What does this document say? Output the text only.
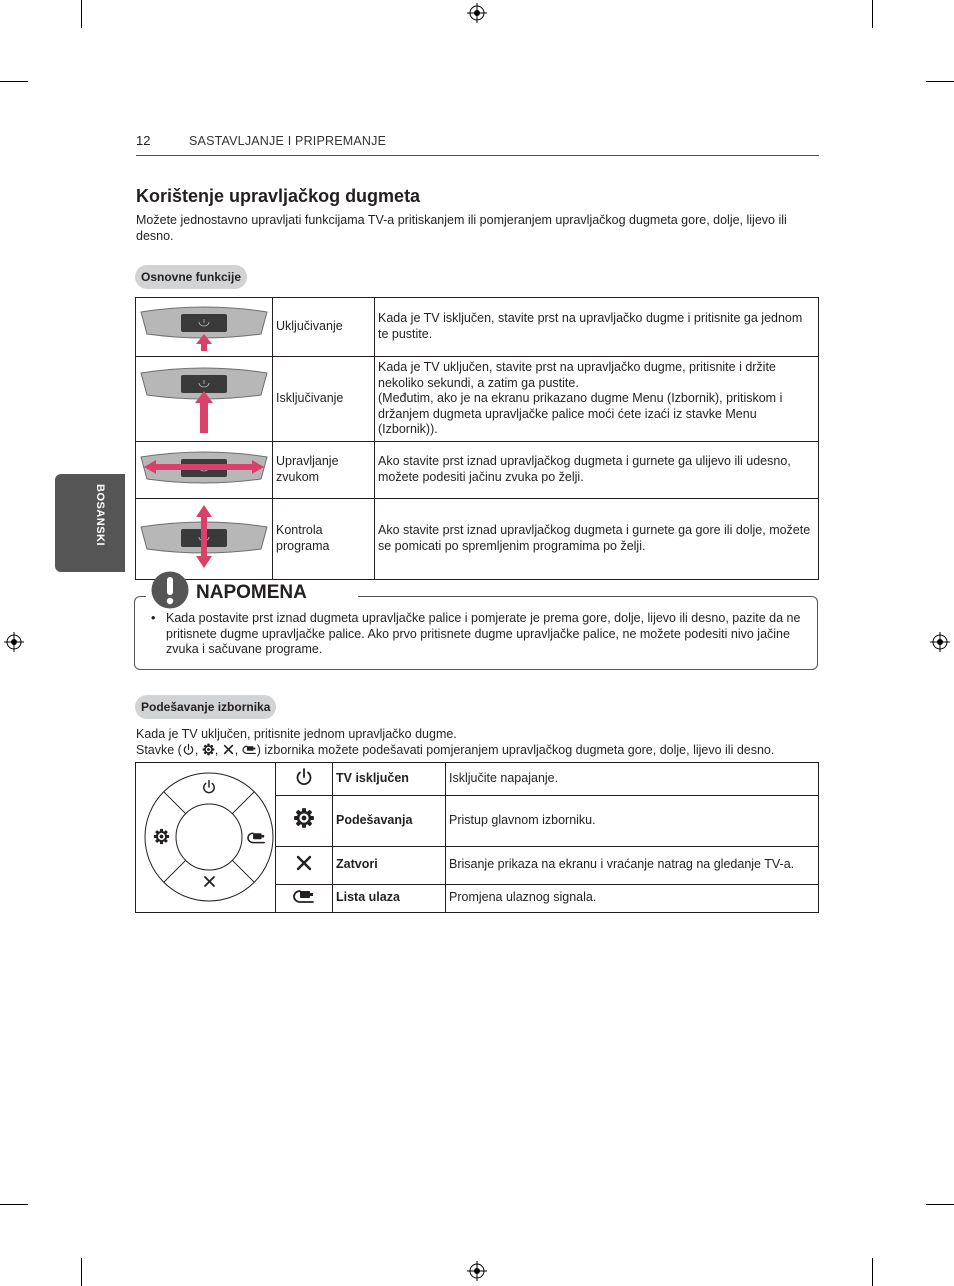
12	SASTAVLJANJE I PRIPREMANJE
BOSANSKI
Korištenje upravljačkog dugmeta
Možete jednostavno upravljati funkcijama TV-a pritiskanjem ili pomjeranjem upravljačkog dugmeta gore, dolje, lijevo ili desno.
Osnovne funkcije
	Uključivanje	Kada je TV isključen, stavite prst na upravljačko dugme i pritisnite ga jednom te pustite.
	Isključivanje	Kada je TV uključen, stavite prst na upravljačko dugme, pritisnite i držite nekoliko sekundi, a zatim ga pustite.
(Međutim, ako je na ekranu prikazano dugme Menu (Izbornik), pritiskom i držanjem dugmeta upravljačke palice moći ćete izaći iz stavke Menu (Izbornik)).
	Upravljanje zvukom	Ako stavite prst iznad upravljačkog dugmeta i gurnete ga ulijevo ili udesno, možete podesiti jačinu zvuka po želji.
	Kontrola programa	Ako stavite prst iznad upravljačkog dugmeta i gurnete ga gore ili dolje, možete se pomicati po spremljenim programima po želji.
NAPOMENA
• Kada postavite prst iznad dugmeta upravljačke palice i pomjerate je prema gore, dolje, lijevo ili desno, pazite da ne pritisnete dugme upravljačke palice. Ako prvo pritisnete dugme upravljačke palice, ne možete podesiti nivo jačine zvuka i sačuvane programe.
Podešavanje izbornika
Kada je TV uključen, pritisnite jednom upravljačko dugme.
Stavke ( , , , ) izbornika možete podešavati pomjeranjem upravljačkog dugmeta gore, dolje, lijevo ili desno.
		TV isključen	Isključite napajanje.
	Podešavanja	Pristup glavnom izborniku.
	Zatvori	Brisanje prikaza na ekranu i vraćanje natrag na gledanje TV-a.
	Lista ulaza	Promjena ulaznog signala.
